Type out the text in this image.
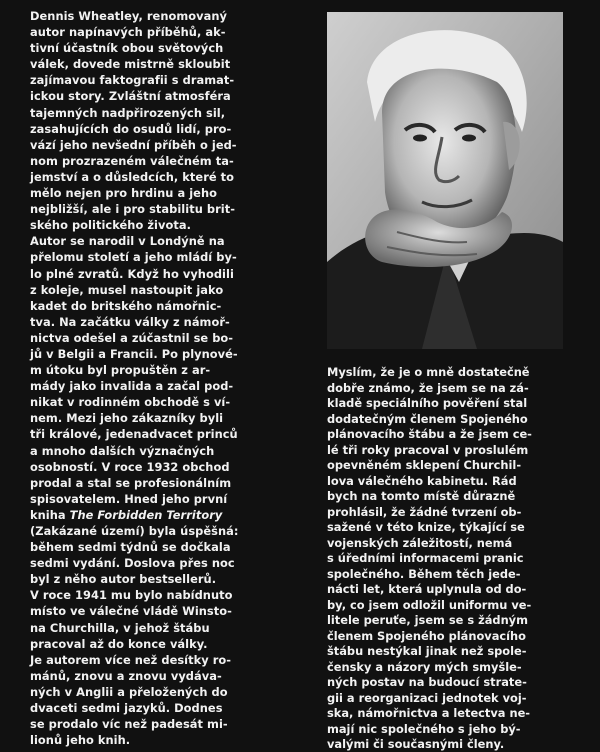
Dennis Wheatley, renomovaný
autor napínavých příběhů, ak-
tivní účastník obou světových
válek, dovede mistrně skloubit
zajímavou faktografii s dramat-
ickou story. Zvláštní atmosféra
tajemných nadpřirozených sil,
zasahujících do osudů lidí, pro-
vází jeho nevšední příběh o jed-
nom prozrazeném válečném ta-
jemství a o důsledcích, které to
mělo nejen pro hrdinu a jeho
nejbližší, ale i pro stabilitu brit-
ského politického života.
Autor se narodil v Londýně na
přelomu století a jeho mládí by-
lo plné zvratů. Když ho vyhodili
z koleje, musel nastoupit jako
kadet do britského námořnic-
tva. Na začátku války z námoř-
nictva odešel a zúčastnil se bo-
jů v Belgii a Francii. Po plynové-
m útoku byl propuštěn z ar-
mády jako invalida a začal pod-
nikat v rodinném obchodě s ví-
nem. Mezi jeho zákazníky byli
tři králové, jedenadvacet princů
a mnoho dalších význačných
osobností. V roce 1932 obchod
prodal a stal se profesionálním
spisovatelem. Hned jeho první
kniha The Forbidden Territory
(Zakázané území) byla úspěšná:
během sedmi týdnů se dočkala
sedmi vydání. Doslova přes noc
byl z něho autor bestsellerů.
V roce 1941 mu bylo nabídnuto
místo ve válečné vládě Winsto-
na Churchilla, v jehož štábu
pracoval až do konce války.
Je autorem více než desítky ro-
mánů, znovu a znovu vydáva-
ných v Anglii a přeložených do
dvaceti sedmi jazyků. Dodnes
se prodalo víc než padesát mi-
lionů jeho knih.

Myslím, že je o mně dostatečně
dobře známo, že jsem se na zá-
kladě speciálního pověření stal
dodatečným členem Spojeného
plánovacího štábu a že jsem ce-
lé tři roky pracoval v proslulém
opevněném sklepení Churchil-
lova válečného kabinetu. Rád
bych na tomto místě důrazně
prohlásil, že žádné tvrzení ob-
sažené v této knize, týkající se
vojenských záležitostí, nemá
s úředními informacemi pranic
společného. Během těch jede-
nácti let, která uplynula od do-
by, co jsem odložil uniformu ve-
litele peruťe, jsem se s žádným
členem Spojeného plánovacího
štábu nestýkal jinak než spole-
čensky a názory mých smyšle-
ných postav na budoucí strate-
gii a reorganizaci jednotek voj-
ska, námořnictva a letectva ne-
mají nic společného s jeho bý-
valými či současnými členy.
